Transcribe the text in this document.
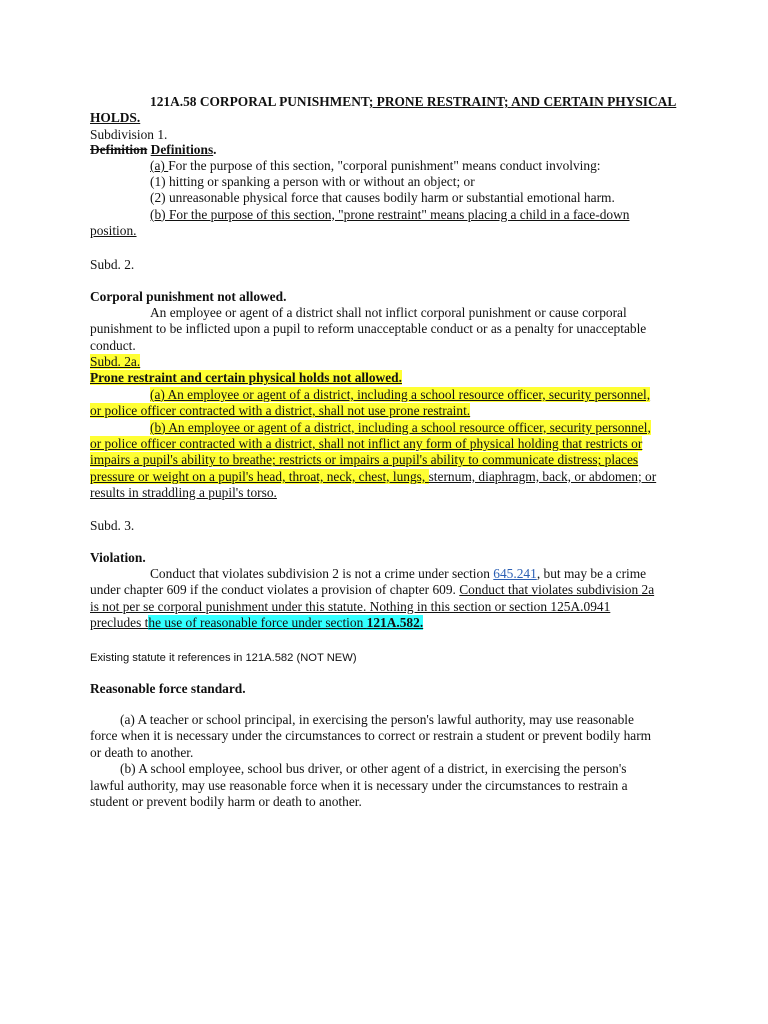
121A.58 CORPORAL PUNISHMENT; PRONE RESTRAINT; AND CERTAIN PHYSICAL HOLDS.
Subdivision 1.

Definition Definitions.

(a) For the purpose of this section, "corporal punishment" means conduct involving:
(1) hitting or spanking a person with or without an object; or
(2) unreasonable physical force that causes bodily harm or substantial emotional harm.
(b) For the purpose of this section, "prone restraint" means placing a child in a face-down
position.

Subd. 2.

Corporal punishment not allowed.

An employee or agent of a district shall not inflict corporal punishment or cause corporal
punishment to be inflicted upon a pupil to reform unacceptable conduct or as a penalty for unacceptable
conduct.

Subd. 2a.
Prone restraint and certain physical holds not allowed.
(a) An employee or agent of a district, including a school resource officer, security personnel,
or police officer contracted with a district, shall not use prone restraint.
(b) An employee or agent of a district, including a school resource officer, security personnel,
or police officer contracted with a district, shall not inflict any form of physical holding that restricts or
impairs a pupil's ability to breathe; restricts or impairs a pupil's ability to communicate distress; places
pressure or weight on a pupil's head, throat, neck, chest, lungs, sternum, diaphragm, back, or abdomen; or
results in straddling a pupil's torso.

Subd. 3.

Violation.

Conduct that violates subdivision 2 is not a crime under section 645.241, but may be a crime
under chapter 609 if the conduct violates a provision of chapter 609. Conduct that violates subdivision 2a
is not per se corporal punishment under this statute. Nothing in this section or section 125A.0941
precludes the use of reasonable force under section 121A.582.

Existing statute it references in 121A.582 (NOT NEW)

Reasonable force standard.

(a) A teacher or school principal, in exercising the person's lawful authority, may use reasonable
force when it is necessary under the circumstances to correct or restrain a student or prevent bodily harm
or death to another.
(b) A school employee, school bus driver, or other agent of a district, in exercising the person's
lawful authority, may use reasonable force when it is necessary under the circumstances to restrain a
student or prevent bodily harm or death to another.
